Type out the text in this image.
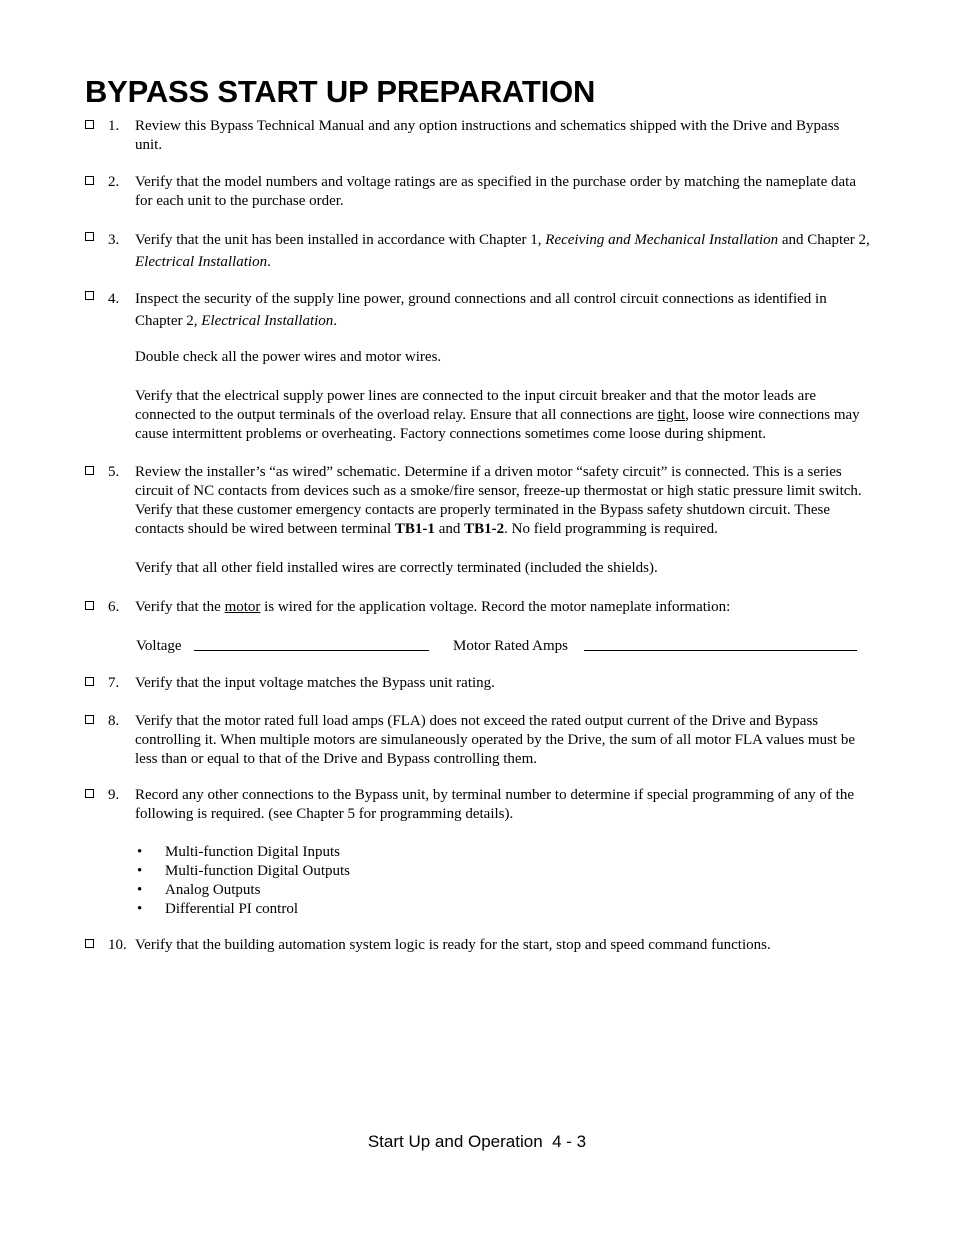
BYPASS START UP PREPARATION
1. Review this Bypass Technical Manual and any option instructions and schematics shipped with the Drive and Bypass unit.
2. Verify that the model numbers and voltage ratings are as specified in the purchase order by matching the nameplate data for each unit to the purchase order.
3. Verify that the unit has been installed in accordance with Chapter 1, Receiving and Mechanical Installation and Chapter 2, Electrical Installation.
4. Inspect the security of the supply line power, ground connections and all control circuit connections as identified in Chapter 2, Electrical Installation.
Double check all the power wires and motor wires.
Verify that the electrical supply power lines are connected to the input circuit breaker and that the motor leads are connected to the output terminals of the overload relay. Ensure that all connections are tight, loose wire connections may cause intermittent problems or overheating. Factory connections sometimes come loose during shipment.
5. Review the installer’s “as wired” schematic. Determine if a driven motor “safety circuit” is connected. This is a series circuit of NC contacts from devices such as a smoke/fire sensor, freeze-up thermostat or high static pressure limit switch. Verify that these customer emergency contacts are properly terminated in the Bypass safety shutdown circuit. These contacts should be wired between terminal TB1-1 and TB1-2. No field programming is required.
Verify that all other field installed wires are correctly terminated (included the shields).
6. Verify that the motor is wired for the application voltage. Record the motor nameplate information:
Voltage	Motor Rated Amps
7. Verify that the input voltage matches the Bypass unit rating.
8. Verify that the motor rated full load amps (FLA) does not exceed the rated output current of the Drive and Bypass controlling it. When multiple motors are simulaneously operated by the Drive, the sum of all motor FLA values must be less than or equal to that of the Drive and Bypass controlling them.
9. Record any other connections to the Bypass unit, by terminal number to determine if special programming of any of the following is required. (see Chapter 5 for programming details).
• Multi-function Digital Inputs
• Multi-function Digital Outputs
• Analog Outputs
• Differential PI control
10. Verify that the building automation system logic is ready for the start, stop and speed command functions.
Start Up and Operation  4 - 3
